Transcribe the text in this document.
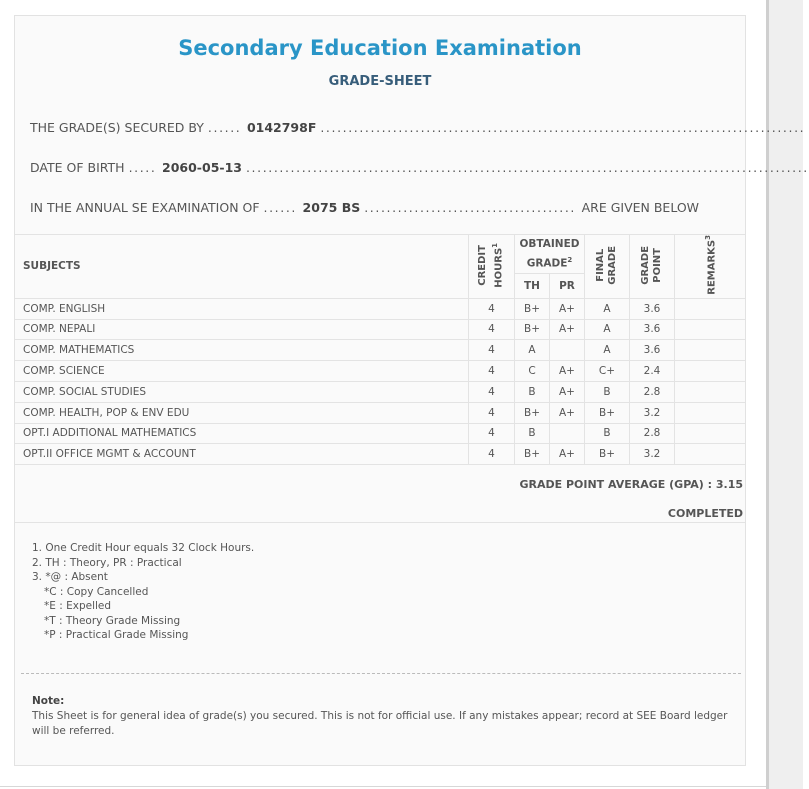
Secondary Education Examination
GRADE-SHEET
THE GRADE(S) SECURED BY ...... 0142798F .......................................................................................
DATE OF BIRTH ..... 2060-05-13 .....................................................................................................
IN THE ANNUAL SE EXAMINATION OF ...... 2075 BS ...................................... ARE GIVEN BELOW
SUBJECTS	CREDIT HOURS$^1$	OBTAINED GRADE$^2$		FINAL GRADE	GRADE POINT	REMARKS$^3$
		TH	PR			
COMP. ENGLISH	4	B+	A+	A	3.6	
COMP. NEPALI	4	B+	A+	A	3.6	
COMP. MATHEMATICS	4	A		A	3.6	
COMP. SCIENCE	4	C	A+	C+	2.4	
COMP. SOCIAL STUDIES	4	B	A+	B	2.8	
COMP. HEALTH, POP & ENV EDU	4	B+	A+	B+	3.2	
OPT.I ADDITIONAL MATHEMATICS	4	B		B	2.8	
OPT.II OFFICE MGMT & ACCOUNT	4	B+	A+	B+	3.2	
GRADE POINT AVERAGE (GPA) : 3.15
COMPLETED
1. One Credit Hour equals 32 Clock Hours.
2. TH : Theory, PR : Practical
3. *@ : Absent
*C : Copy Cancelled
*E : Expelled
*T : Theory Grade Missing
*P : Practical Grade Missing
Note:
This Sheet is for general idea of grade(s) you secured. This is not for official use. If any mistakes appear; record at SEE Board ledger will be referred.
